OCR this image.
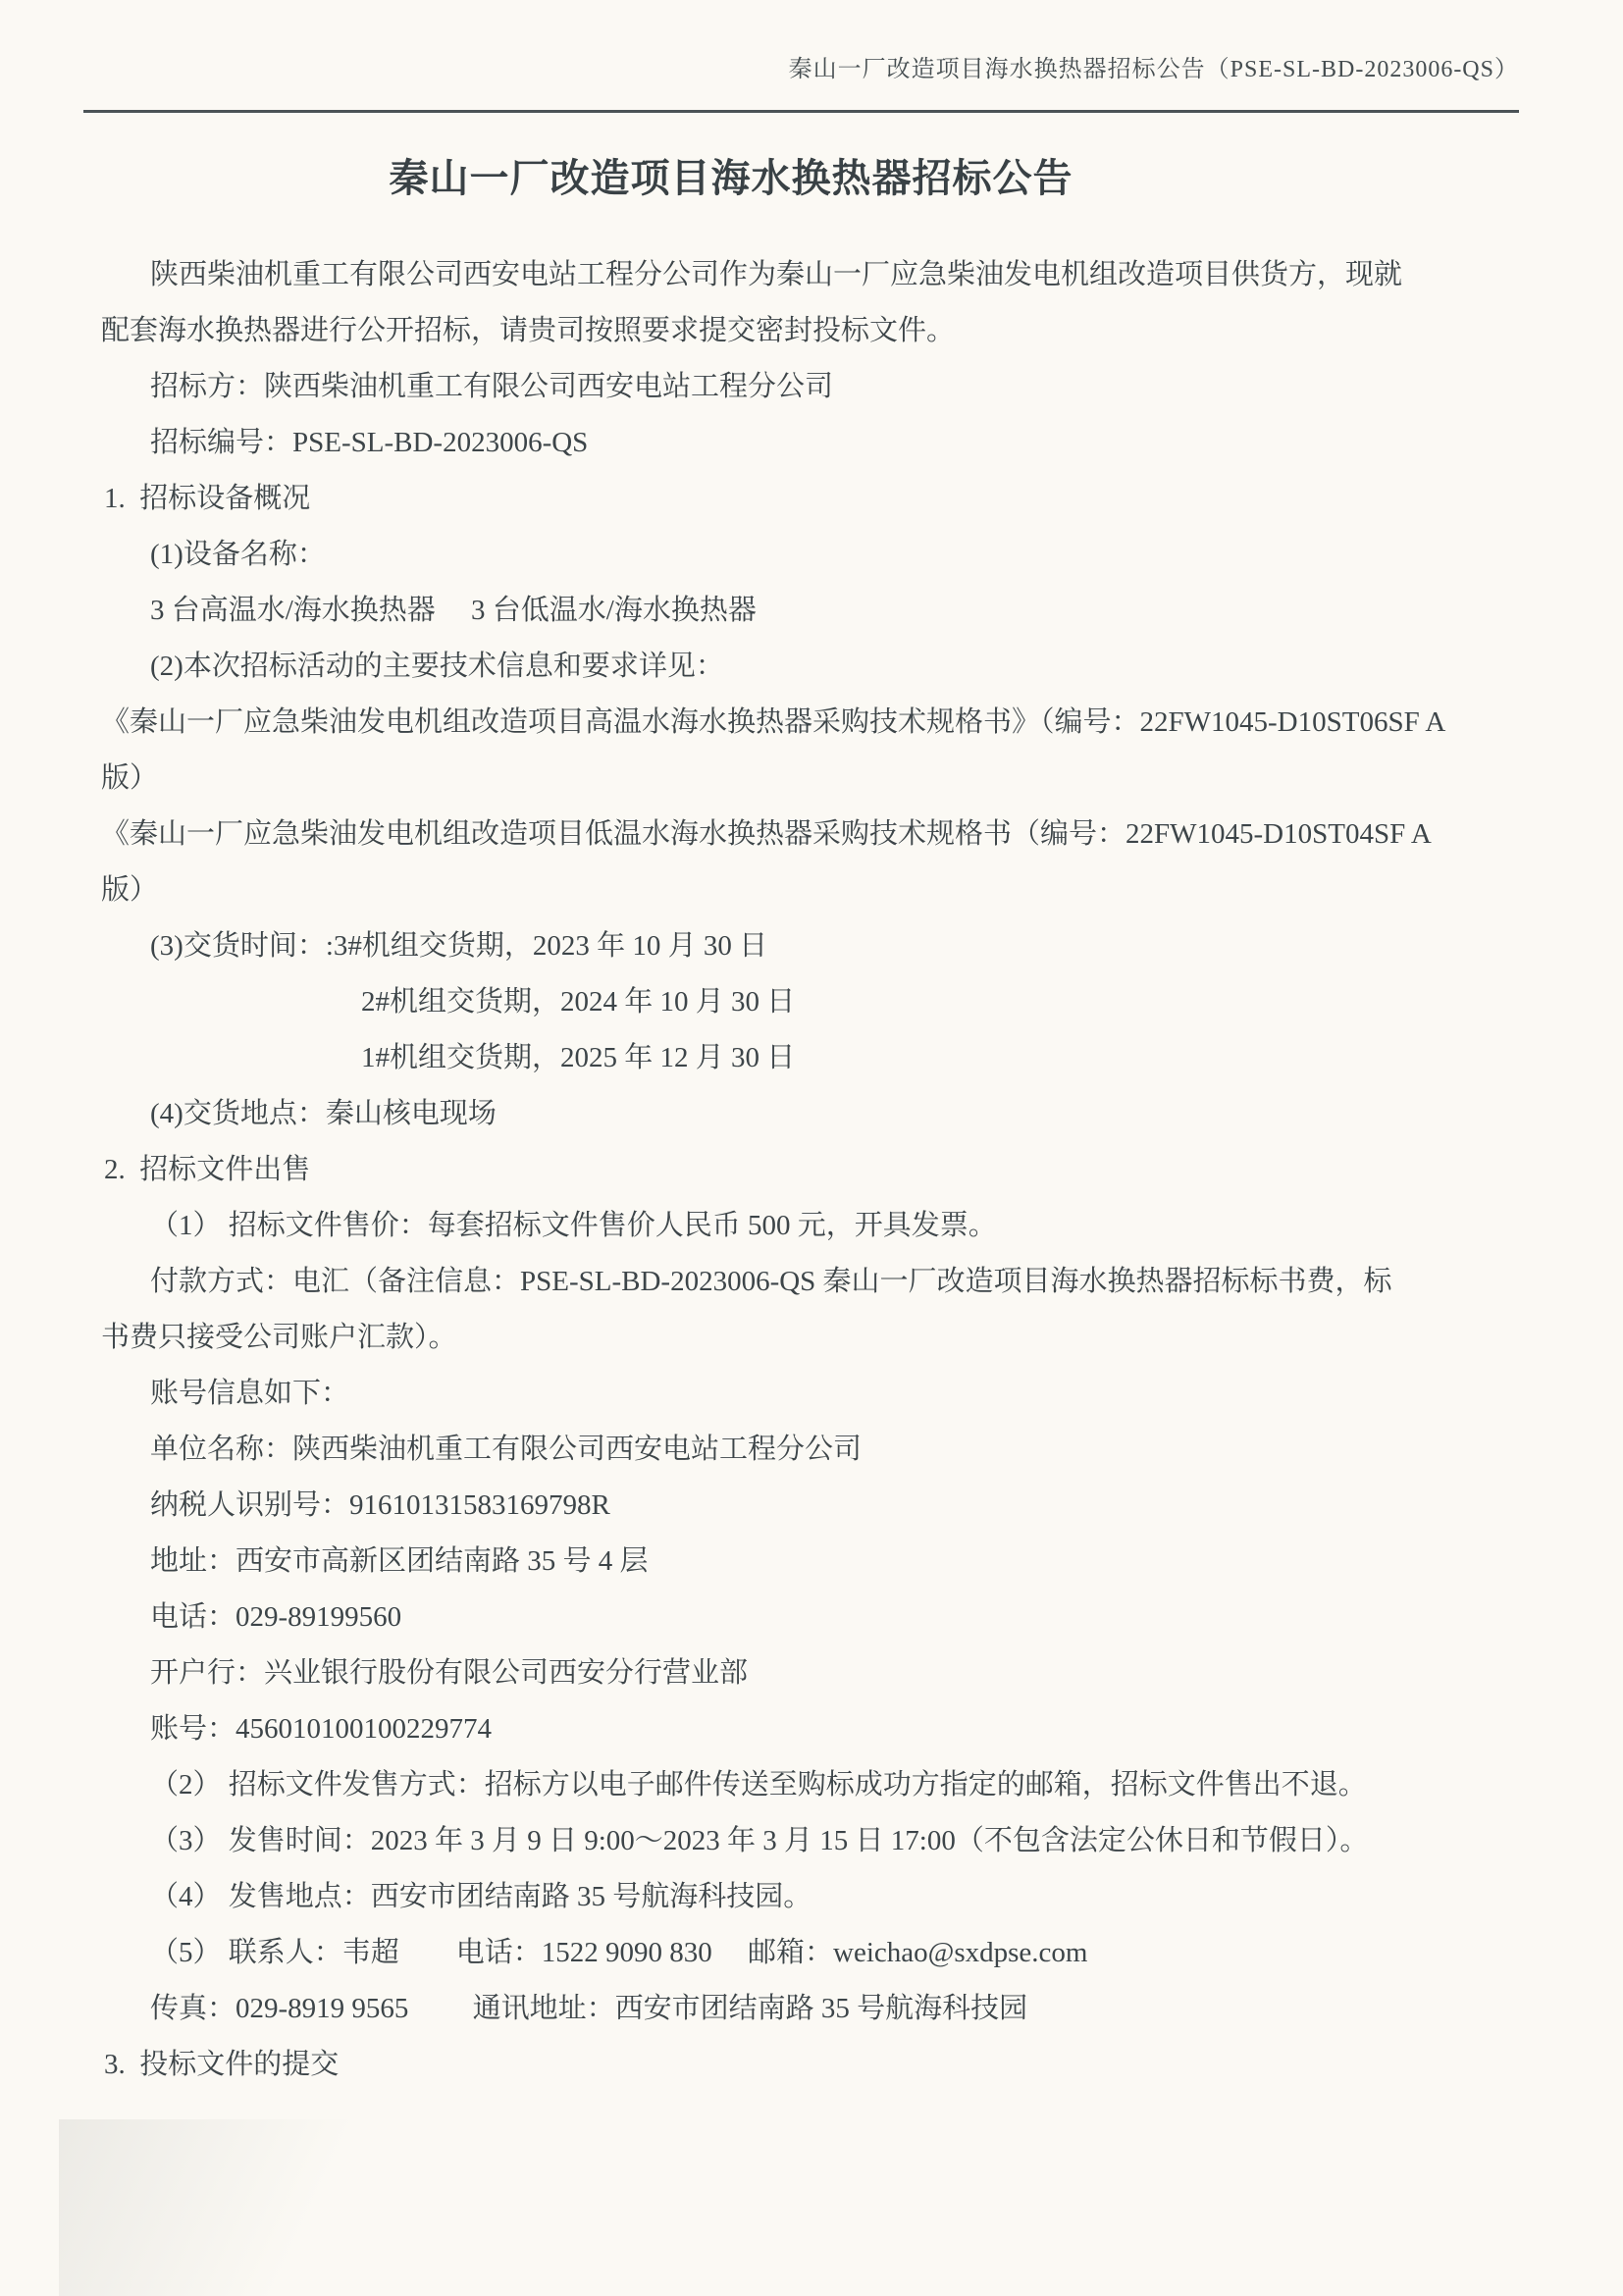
秦山一厂改造项目海水换热器招标公告（PSE-SL-BD-2023006-QS）
秦山一厂改造项目海水换热器招标公告

陕西柴油机重工有限公司西安电站工程分公司作为秦山一厂应急柴油发电机组改造项目供货方，现就

配套海水换热器进行公开招标，请贵司按照要求提交密封投标文件。

招标方：陕西柴油机重工有限公司西安电站工程分公司

招标编号：PSE-SL-BD-2023006-QS

1.  招标设备概况

(1)设备名称：

3 台高温水/海水换热器　 3 台低温水/海水换热器

(2)本次招标活动的主要技术信息和要求详见：

《秦山一厂应急柴油发电机组改造项目高温水海水换热器采购技术规格书》（编号：22FW1045-D10ST06SF A

版）

《秦山一厂应急柴油发电机组改造项目低温水海水换热器采购技术规格书（编号：22FW1045-D10ST04SF A

版）

(3)交货时间：:3#机组交货期，2023 年 10 月 30 日

2#机组交货期，2024 年 10 月 30 日

1#机组交货期，2025 年 12 月 30 日

(4)交货地点：秦山核电现场

2.  招标文件出售

（1） 招标文件售价：每套招标文件售价人民币 500 元，开具发票。

付款方式：电汇（备注信息：PSE-SL-BD-2023006-QS 秦山一厂改造项目海水换热器招标标书费，标

书费只接受公司账户汇款）。

账号信息如下：

单位名称：陕西柴油机重工有限公司西安电站工程分公司

纳税人识别号：91610131583169798R

地址：西安市高新区团结南路 35 号 4 层

电话：029-89199560

开户行：兴业银行股份有限公司西安分行营业部

账号：456010100100229774

（2） 招标文件发售方式：招标方以电子邮件传送至购标成功方指定的邮箱，招标文件售出不退。

（3） 发售时间：2023 年 3 月 9 日 9:00～2023 年 3 月 15 日 17:00（不包含法定公休日和节假日）。

（4） 发售地点：西安市团结南路 35 号航海科技园。

（5） 联系人：韦超　　电话：1522 9090 830　 邮箱：weichao@sxdpse.com

传真：029-8919 9565　　 通讯地址：西安市团结南路 35 号航海科技园

3.  投标文件的提交
